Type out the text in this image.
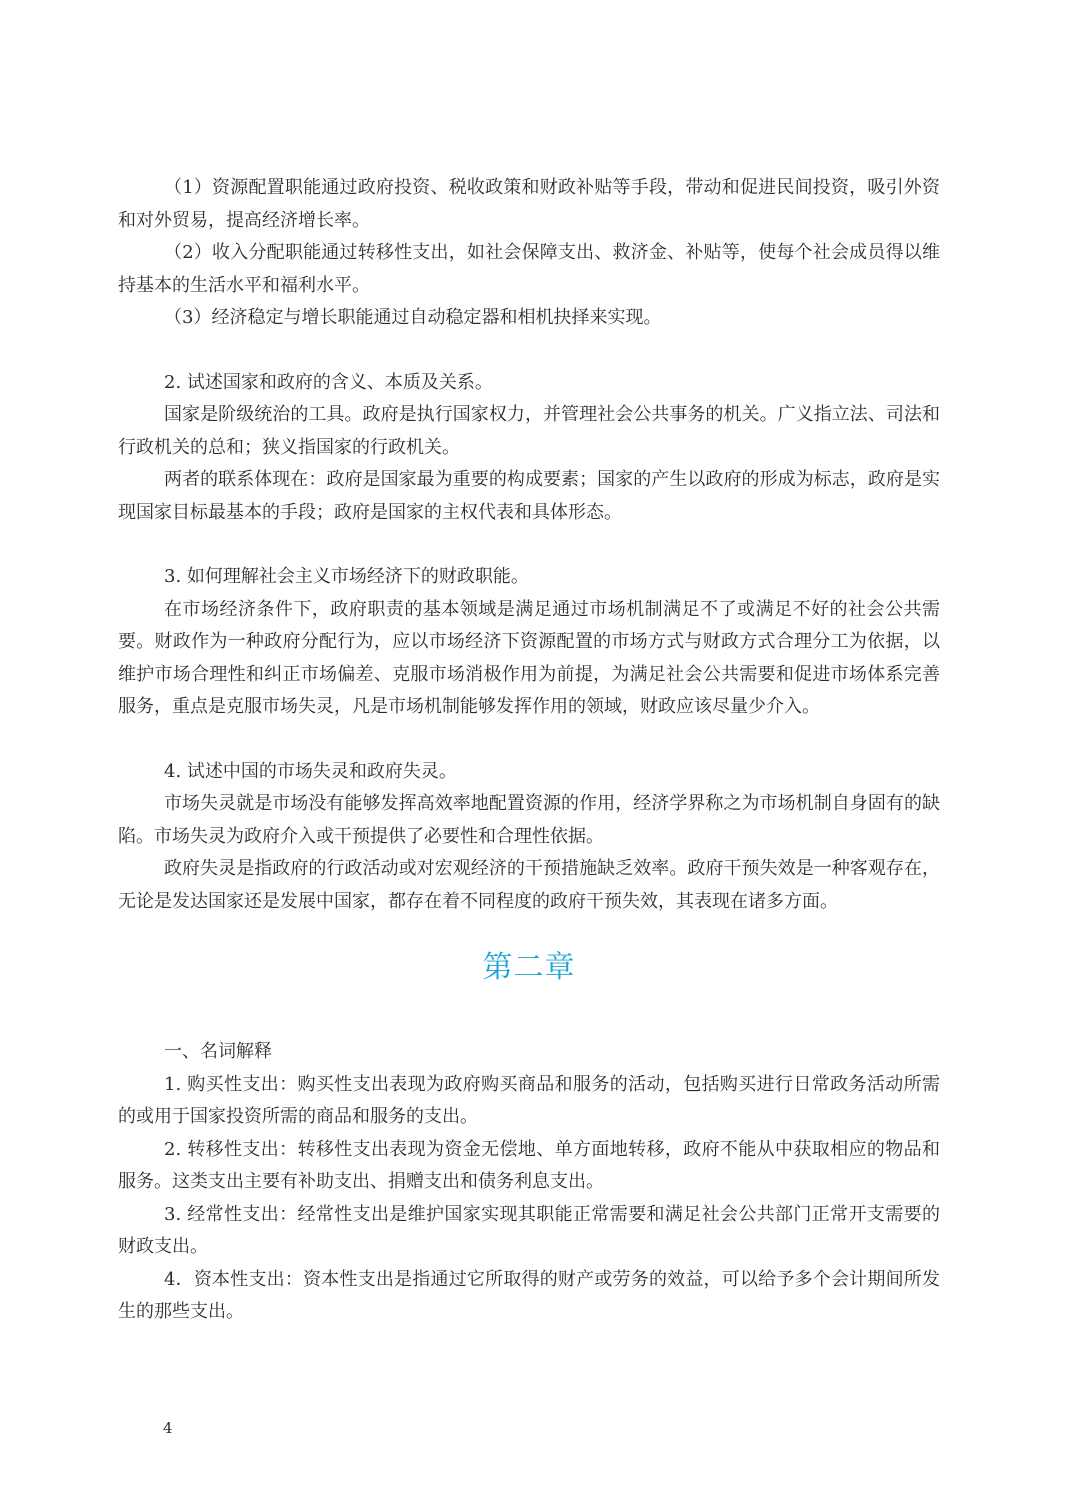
（1）资源配置职能通过政府投资、税收政策和财政补贴等手段，带动和促进民间投资，吸引外资和对外贸易，提高经济增长率。

（2）收入分配职能通过转移性支出，如社会保障支出、救济金、补贴等，使每个社会成员得以维持基本的生活水平和福利水平。

（3）经济稳定与增长职能通过自动稳定器和相机抉择来实现。

2. 试述国家和政府的含义、本质及关系。

国家是阶级统治的工具。政府是执行国家权力，并管理社会公共事务的机关。广义指立法、司法和行政机关的总和；狭义指国家的行政机关。

两者的联系体现在：政府是国家最为重要的构成要素；国家的产生以政府的形成为标志，政府是实现国家目标最基本的手段；政府是国家的主权代表和具体形态。

3. 如何理解社会主义市场经济下的财政职能。

在市场经济条件下，政府职责的基本领域是满足通过市场机制满足不了或满足不好的社会公共需要。财政作为一种政府分配行为，应以市场经济下资源配置的市场方式与财政方式合理分工为依据，以维护市场合理性和纠正市场偏差、克服市场消极作用为前提，为满足社会公共需要和促进市场体系完善服务，重点是克服市场失灵，凡是市场机制能够发挥作用的领域，财政应该尽量少介入。

4. 试述中国的市场失灵和政府失灵。

市场失灵就是市场没有能够发挥高效率地配置资源的作用，经济学界称之为市场机制自身固有的缺陷。市场失灵为政府介入或干预提供了必要性和合理性依据。

政府失灵是指政府的行政活动或对宏观经济的干预措施缺乏效率。政府干预失效是一种客观存在，无论是发达国家还是发展中国家，都存在着不同程度的政府干预失效，其表现在诸多方面。

第二章

一、名词解释

1. 购买性支出：购买性支出表现为政府购买商品和服务的活动，包括购买进行日常政务活动所需的或用于国家投资所需的商品和服务的支出。

2. 转移性支出：转移性支出表现为资金无偿地、单方面地转移，政府不能从中获取相应的物品和服务。这类支出主要有补助支出、捐赠支出和债务利息支出。

3. 经常性支出：经常性支出是维护国家实现其职能正常需要和满足社会公共部门正常开支需要的财政支出。

4．资本性支出：资本性支出是指通过它所取得的财产或劳务的效益，可以给予多个会计期间所发生的那些支出。

4
